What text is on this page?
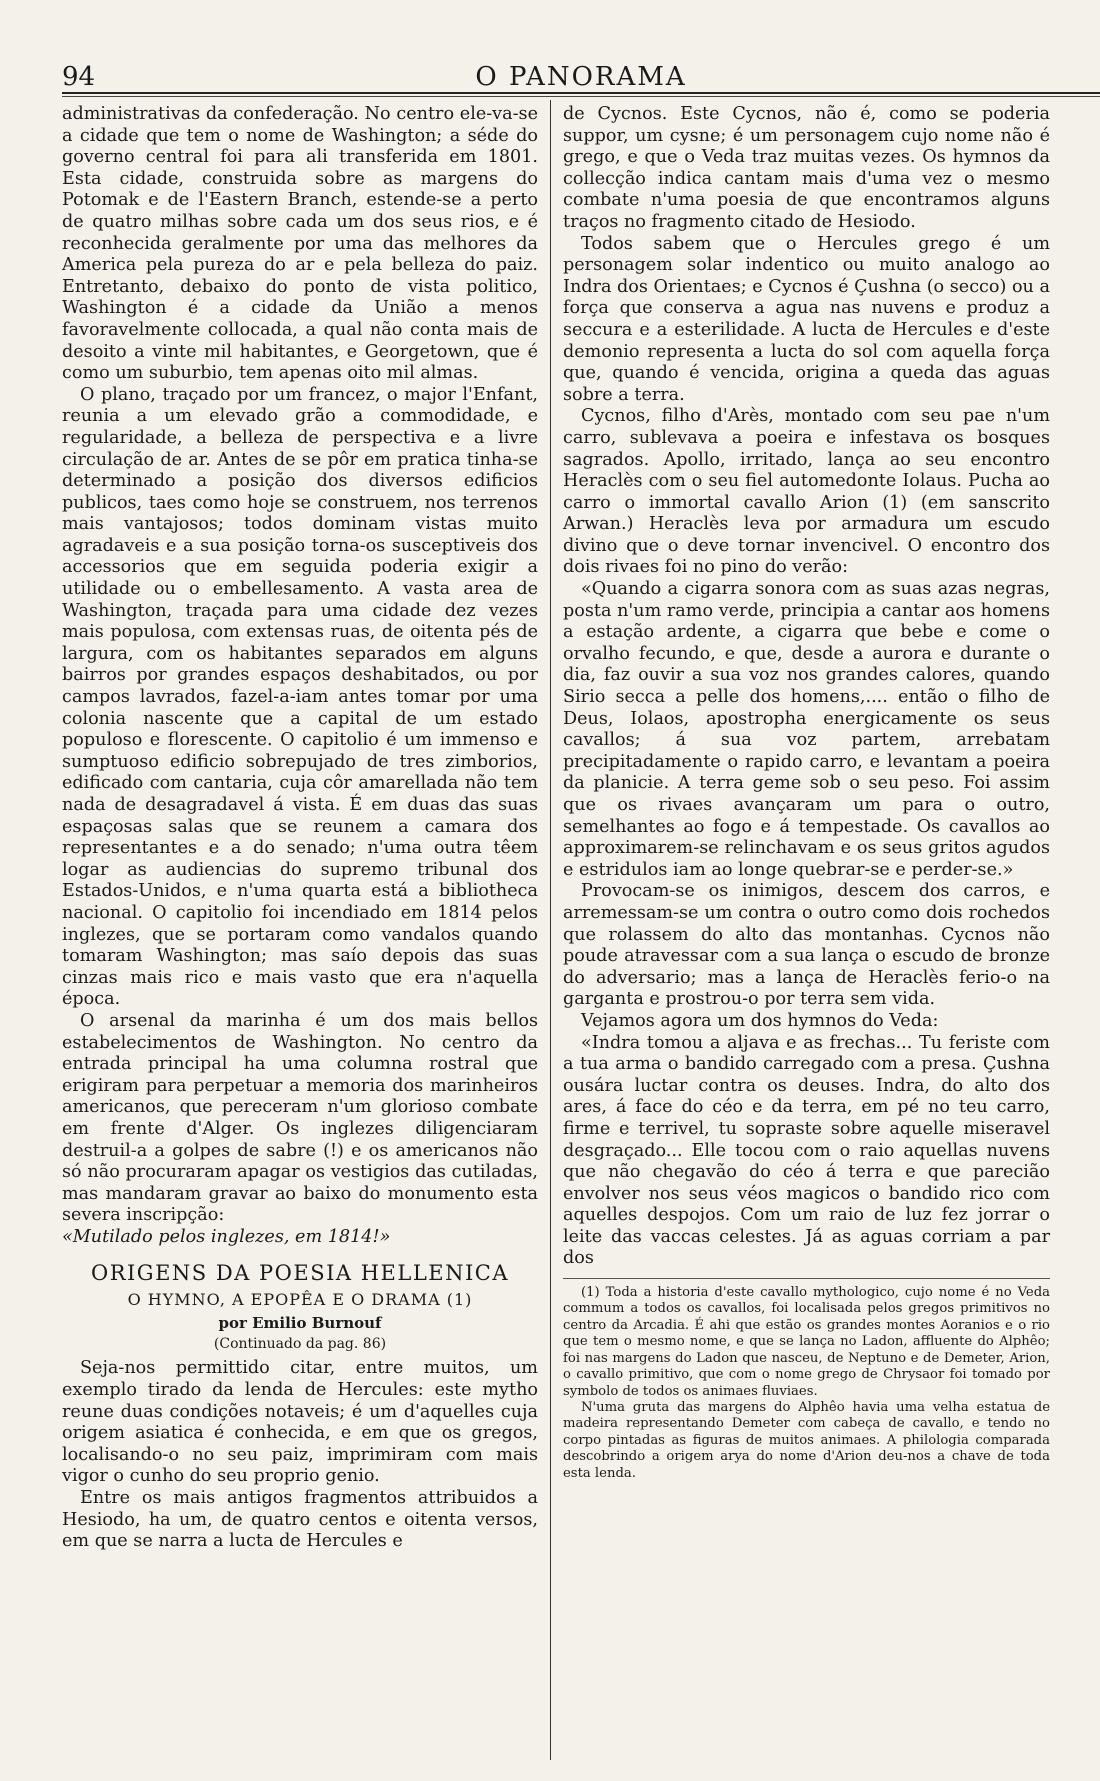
94	O PANORAMA

administrativas da confederação. No centro ele-va-se a cidade que tem o nome de Washington; a séde do governo central foi para ali transferida em 1801. Esta cidade, construida sobre as margens do Potomak e de l'Eastern Branch, estende-se a perto de quatro milhas sobre cada um dos seus rios, e é reconhecida geralmente por uma das melhores da America pela pureza do ar e pela belleza do paiz. Entretanto, debaixo do ponto de vista politico, Washington é a cidade da União a menos favoravelmente collocada, a qual não conta mais de desoito a vinte mil habitantes, e Georgetown, que é como um suburbio, tem apenas oito mil almas.

O plano, traçado por um francez, o major l'Enfant, reunia a um elevado grão a commodidade, e regularidade, a belleza de perspectiva e a livre circulação de ar. Antes de se pôr em pratica tinha-se determinado a posição dos diversos edificios publicos, taes como hoje se construem, nos terrenos mais vantajosos; todos dominam vistas muito agradaveis e a sua posição torna-os susceptiveis dos accessorios que em seguida poderia exigir a utilidade ou o embellesamento. A vasta area de Washington, traçada para uma cidade dez vezes mais populosa, com extensas ruas, de oitenta pés de largura, com os habitantes separados em alguns bairros por grandes espaços deshabitados, ou por campos lavrados, fazel-a-iam antes tomar por uma colonia nascente que a capital de um estado populoso e florescente. O capitolio é um immenso e sumptuoso edificio sobrepujado de tres zimborios, edificado com cantaria, cuja côr amarellada não tem nada de desagradavel á vista. É em duas das suas espaçosas salas que se reunem a camara dos representantes e a do senado; n'uma outra têem logar as audiencias do supremo tribunal dos Estados-Unidos, e n'uma quarta está a bibliotheca nacional. O capitolio foi incendiado em 1814 pelos inglezes, que se portaram como vandalos quando tomaram Washington; mas saío depois das suas cinzas mais rico e mais vasto que era n'aquella época.

O arsenal da marinha é um dos mais bellos estabelecimentos de Washington. No centro da entrada principal ha uma columna rostral que erigiram para perpetuar a memoria dos marinheiros americanos, que pereceram n'um glorioso combate em frente d'Alger. Os inglezes diligenciaram destruil-a a golpes de sabre (!) e os americanos não só não procuraram apagar os vestigios das cutiladas, mas mandaram gravar ao baixo do monumento esta severa inscripção:

«Mutilado pelos inglezes, em 1814!»

ORIGENS DA POESIA HELLENICA
O HYMNO, A EPOPÊA E O DRAMA (1)
por Emilio Burnouf
(Continuado da pag. 86)

Seja-nos permittido citar, entre muitos, um exemplo tirado da lenda de Hercules: este mytho reune duas condições notaveis; é um d'aquelles cuja origem asiatica é conhecida, e em que os gregos, localisando-o no seu paiz, imprimiram com mais vigor o cunho do seu proprio genio.

Entre os mais antigos fragmentos attribuidos a Hesiodo, ha um, de quatro centos e oitenta versos, em que se narra a lucta de Hercules e

de Cycnos. Este Cycnos, não é, como se poderia suppor, um cysne; é um personagem cujo nome não é grego, e que o Veda traz muitas vezes. Os hymnos da collecção indica cantam mais d'uma vez o mesmo combate n'uma poesia de que encontramos alguns traços no fragmento citado de Hesiodo.

Todos sabem que o Hercules grego é um personagem solar indentico ou muito analogo ao Indra dos Orientaes; e Cycnos é Çushna (o secco) ou a força que conserva a agua nas nuvens e produz a seccura e a esterilidade. A lucta de Hercules e d'este demonio representa a lucta do sol com aquella força que, quando é vencida, origina a queda das aguas sobre a terra.

Cycnos, filho d'Arès, montado com seu pae n'um carro, sublevava a poeira e infestava os bosques sagrados. Apollo, irritado, lança ao seu encontro Heraclès com o seu fiel automedonte Iolaus. Pucha ao carro o immortal cavallo Arion (1) (em sanscrito Arwan.) Heraclès leva por armadura um escudo divino que o deve tornar invencivel. O encontro dos dois rivaes foi no pino do verão:

«Quando a cigarra sonora com as suas azas negras, posta n'um ramo verde, principia a cantar aos homens a estação ardente, a cigarra que bebe e come o orvalho fecundo, e que, desde a aurora e durante o dia, faz ouvir a sua voz nos grandes calores, quando Sirio secca a pelle dos homens,.... então o filho de Deus, Iolaos, apostropha energicamente os seus cavallos; á sua voz partem, arrebatam precipitadamente o rapido carro, e levantam a poeira da planicie. A terra geme sob o seu peso. Foi assim que os rivaes avançaram um para o outro, semelhantes ao fogo e á tempestade. Os cavallos ao approximarem-se relinchavam e os seus gritos agudos e estridulos iam ao longe quebrar-se e perder-se.»

Provocam-se os inimigos, descem dos carros, e arremessam-se um contra o outro como dois rochedos que rolassem do alto das montanhas. Cycnos não poude atravessar com a sua lança o escudo de bronze do adversario; mas a lança de Heraclès ferio-o na garganta e prostrou-o por terra sem vida.

Vejamos agora um dos hymnos do Veda:

«Indra tomou a aljava e as frechas... Tu feriste com a tua arma o bandido carregado com a presa. Çushna ousára luctar contra os deuses. Indra, do alto dos ares, á face do céo e da terra, em pé no teu carro, firme e terrivel, tu sopraste sobre aquelle miseravel desgraçado... Elle tocou com o raio aquellas nuvens que não chegavão do céo á terra e que parecião envolver nos seus véos magicos o bandido rico com aquelles despojos. Com um raio de luz fez jorrar o leite das vaccas celestes. Já as aguas corriam a par dos

(1) Toda a historia d'este cavallo mythologico, cujo nome é no Veda commum a todos os cavallos, foi localisada pelos gregos primitivos no centro da Arcadia. É ahi que estão os grandes montes Aoranios e o rio que tem o mesmo nome, e que se lança no Ladon, affluente do Alphêo; foi nas margens do Ladon que nasceu, de Neptuno e de Demeter, Arion, o cavallo primitivo, que com o nome grego de Chrysaor foi tomado por symbolo de todos os animaes fluviaes.

N'uma gruta das margens do Alphêo havia uma velha estatua de madeira representando Demeter com cabeça de cavallo, e tendo no corpo pintadas as figuras de muitos animaes. A philologia comparada descobrindo a origem arya do nome d'Arion deu-nos a chave de toda esta lenda.
